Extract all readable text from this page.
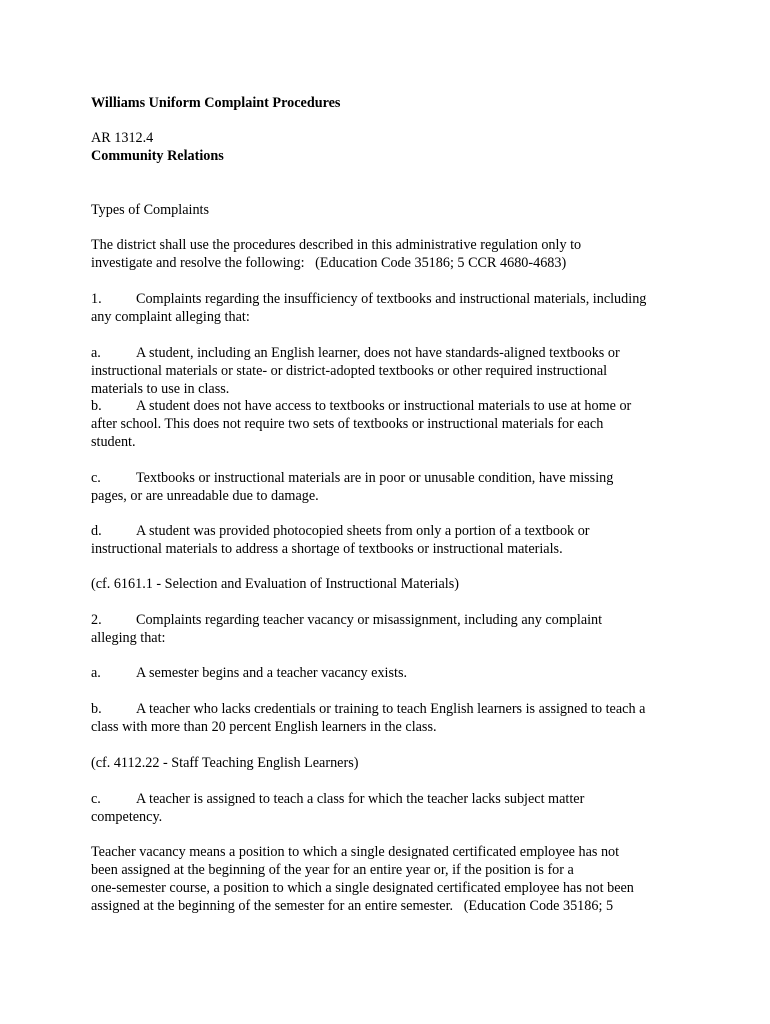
Williams Uniform Complaint Procedures
AR 1312.4
Community Relations
Types of Complaints
The district shall use the procedures described in this administrative regulation only to
investigate and resolve the following:   (Education Code 35186; 5 CCR 4680-4683)
1. Complaints regarding the insufficiency of textbooks and instructional materials, including
any complaint alleging that:
a. A student, including an English learner, does not have standards-aligned textbooks or
instructional materials or state- or district-adopted textbooks or other required instructional
materials to use in class.
b. A student does not have access to textbooks or instructional materials to use at home or
after school. This does not require two sets of textbooks or instructional materials for each
student.
c. Textbooks or instructional materials are in poor or unusable condition, have missing
pages, or are unreadable due to damage.
d. A student was provided photocopied sheets from only a portion of a textbook or
instructional materials to address a shortage of textbooks or instructional materials.
(cf. 6161.1 - Selection and Evaluation of Instructional Materials)
2. Complaints regarding teacher vacancy or misassignment, including any complaint
alleging that:
a. A semester begins and a teacher vacancy exists.
b. A teacher who lacks credentials or training to teach English learners is assigned to teach a
class with more than 20 percent English learners in the class.
(cf. 4112.22 - Staff Teaching English Learners)
c. A teacher is assigned to teach a class for which the teacher lacks subject matter
competency.
Teacher vacancy means a position to which a single designated certificated employee has not
been assigned at the beginning of the year for an entire year or, if the position is for a
one-semester course, a position to which a single designated certificated employee has not been
assigned at the beginning of the semester for an entire semester.   (Education Code 35186; 5
